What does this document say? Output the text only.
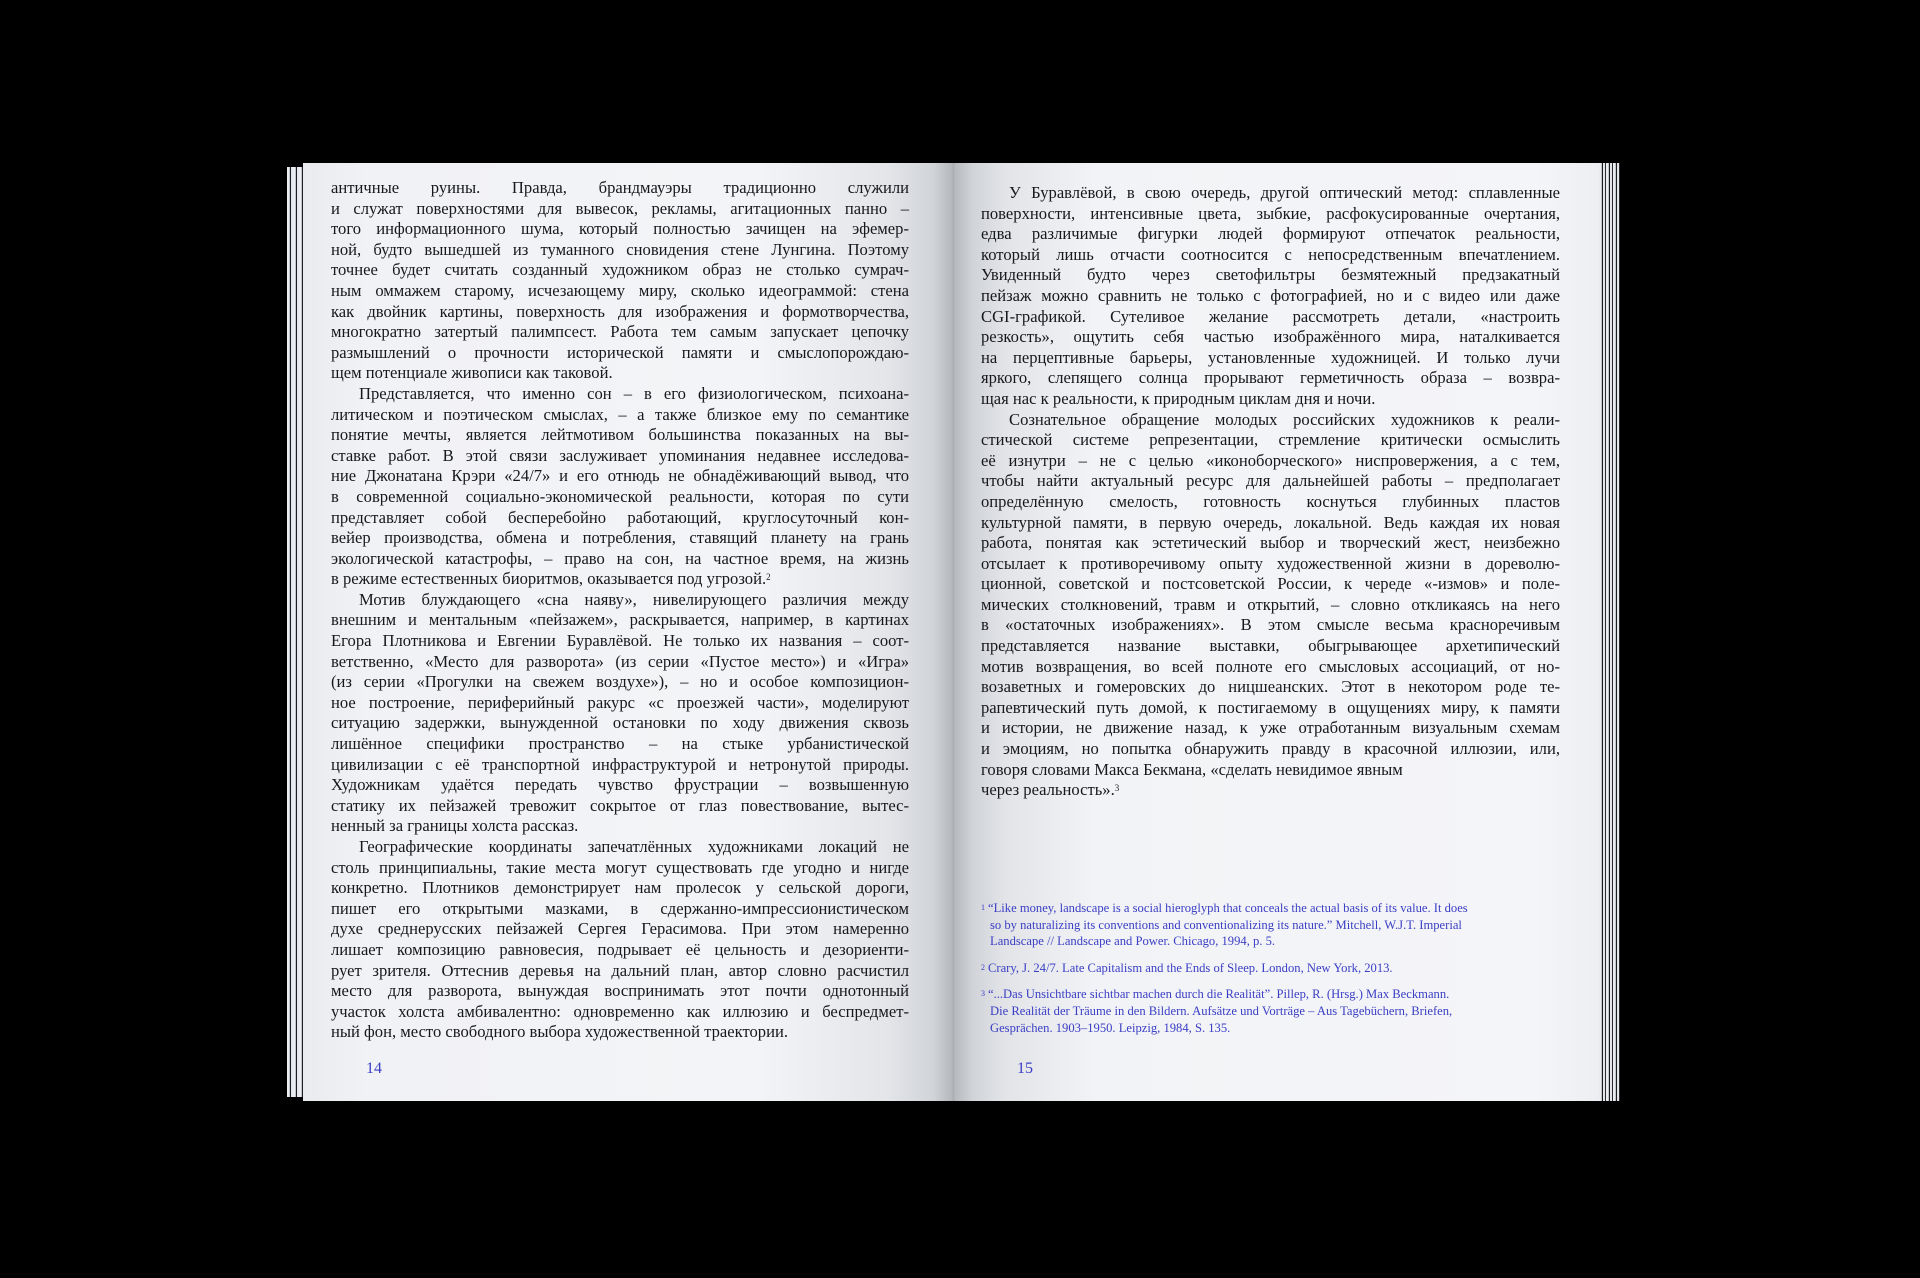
античные руины. Правда, брандмауэры традиционно служили
и служат поверхностями для вывесок, рекламы, агитационных панно –
того информационного шума, который полностью зачищен на эфемер-
ной, будто вышедшей из туманного сновидения стене Лунгина. Поэтому
точнее будет считать созданный художником образ не столько сумрач-
ным оммажем старому, исчезающему миру, сколько идеограммой: стена
как двойник картины, поверхность для изображения и формотворчества,
многократно затертый палимпсест. Работа тем самым запускает цепочку
размышлений о прочности исторической памяти и смыслопорождаю-
щем потенциале живописи как таковой.
Представляется, что именно сон – в его физиологическом, психоана-
литическом и поэтическом смыслах, – а также близкое ему по семантике
понятие мечты, является лейтмотивом большинства показанных на вы-
ставке работ. В этой связи заслуживает упоминания недавнее исследова-
ние Джонатана Крэри «24/7» и его отнюдь не обнадёживающий вывод, что
в современной социально-экономической реальности, которая по сути
представляет собой бесперебойно работающий, круглосуточный кон-
вейер производства, обмена и потребления, ставящий планету на грань
экологической катастрофы, – право на сон, на частное время, на жизнь
в режиме естественных биоритмов, оказывается под угрозой.$^2$
Мотив блуждающего «сна наяву», нивелирующего различия между
внешним и ментальным «пейзажем», раскрывается, например, в картинах
Егора Плотникова и Евгении Буравлёвой. Не только их названия – соот-
ветственно, «Место для разворота» (из серии «Пустое место») и «Игра»
(из серии «Прогулки на свежем воздухе»), – но и особое композицион-
ное построение, периферийный ракурс «с проезжей части», моделируют
ситуацию задержки, вынужденной остановки по ходу движения сквозь
лишённое специфики пространство – на стыке урбанистической
цивилизации с её транспортной инфраструктурой и нетронутой природы.
Художникам удаётся передать чувство фрустрации – возвышенную
статику их пейзажей тревожит сокрытое от глаз повествование, вытес-
ненный за границы холста рассказ.
Географические координаты запечатлённых художниками локаций не
столь принципиальны, такие места могут существовать где угодно и нигде
конкретно. Плотников демонстрирует нам пролесок у сельской дороги,
пишет его открытыми мазками, в сдержанно-импрессионистическом
духе среднерусских пейзажей Сергея Герасимова. При этом намеренно
лишает композицию равновесия, подрывает её цельность и дезориенти-
рует зрителя. Оттеснив деревья на дальний план, автор словно расчистил
место для разворота, вынуждая воспринимать этот почти однотонный
участок холста амбивалентно: одновременно как иллюзию и беспредмет-
ный фон, место свободного выбора художественной траектории.
У Буравлёвой, в свою очередь, другой оптический метод: сплавленные
поверхности, интенсивные цвета, зыбкие, расфокусированные очертания,
едва различимые фигурки людей формируют отпечаток реальности,
который лишь отчасти соотносится с непосредственным впечатлением.
Увиденный будто через светофильтры безмятежный предзакатный
пейзаж можно сравнить не только с фотографией, но и с видео или даже
CGI-графикой. Сутеливое желание рассмотреть детали, «настроить
резкость», ощутить себя частью изображённого мира, наталкивается
на перцептивные барьеры, установленные художницей. И только лучи
яркого, слепящего солнца прорывают герметичность образа – возвра-
щая нас к реальности, к природным циклам дня и ночи.
Сознательное обращение молодых российских художников к реали-
стической системе репрезентации, стремление критически осмыслить
её изнутри – не с целью «иконоборческого» ниспровержения, а с тем,
чтобы найти актуальный ресурс для дальнейшей работы – предполагает
определённую смелость, готовность коснуться глубинных пластов
культурной памяти, в первую очередь, локальной. Ведь каждая их новая
работа, понятая как эстетический выбор и творческий жест, неизбежно
отсылает к противоречивому опыту художественной жизни в дореволю-
ционной, советской и постсоветской России, к череде «-измов» и поле-
мических столкновений, травм и открытий, – словно откликаясь на него
в «остаточных изображениях». В этом смысле весьма красноречивым
представляется название выставки, обыгрывающее архетипический
мотив возвращения, во всей полноте его смысловых ассоциаций, от но-
возаветных и гомеровских до ницшеанских. Этот в некотором роде те-
рапевтический путь домой, к постигаемому в ощущениях миру, к памяти
и истории, не движение назад, к уже отработанным визуальным схемам
и эмоциям, но попытка обнаружить правду в красочной иллюзии, или,
говоря словами Макса Бекмана, «сделать невидимое явным
через реальность».$^3$
$^1$ “Like money, landscape is a social hieroglyph that conceals the actual basis of its value. It does
so by naturalizing its conventions and conventionalizing its nature.” Mitchell, W.J.T. Imperial
Landscape // Landscape and Power. Chicago, 1994, p. 5.
$^2$ Crary, J. 24/7. Late Capitalism and the Ends of Sleep. London, New York, 2013.
$^3$ “...Das Unsichtbare sichtbar machen durch die Realität”. Pillep, R. (Hrsg.) Max Beckmann.
Die Realität der Träume in den Bildern. Aufsätze und Vorträge – Aus Tagebüchern, Briefen,
Gesprächen. 1903–1950. Leipzig, 1984, S. 135.
14	15
